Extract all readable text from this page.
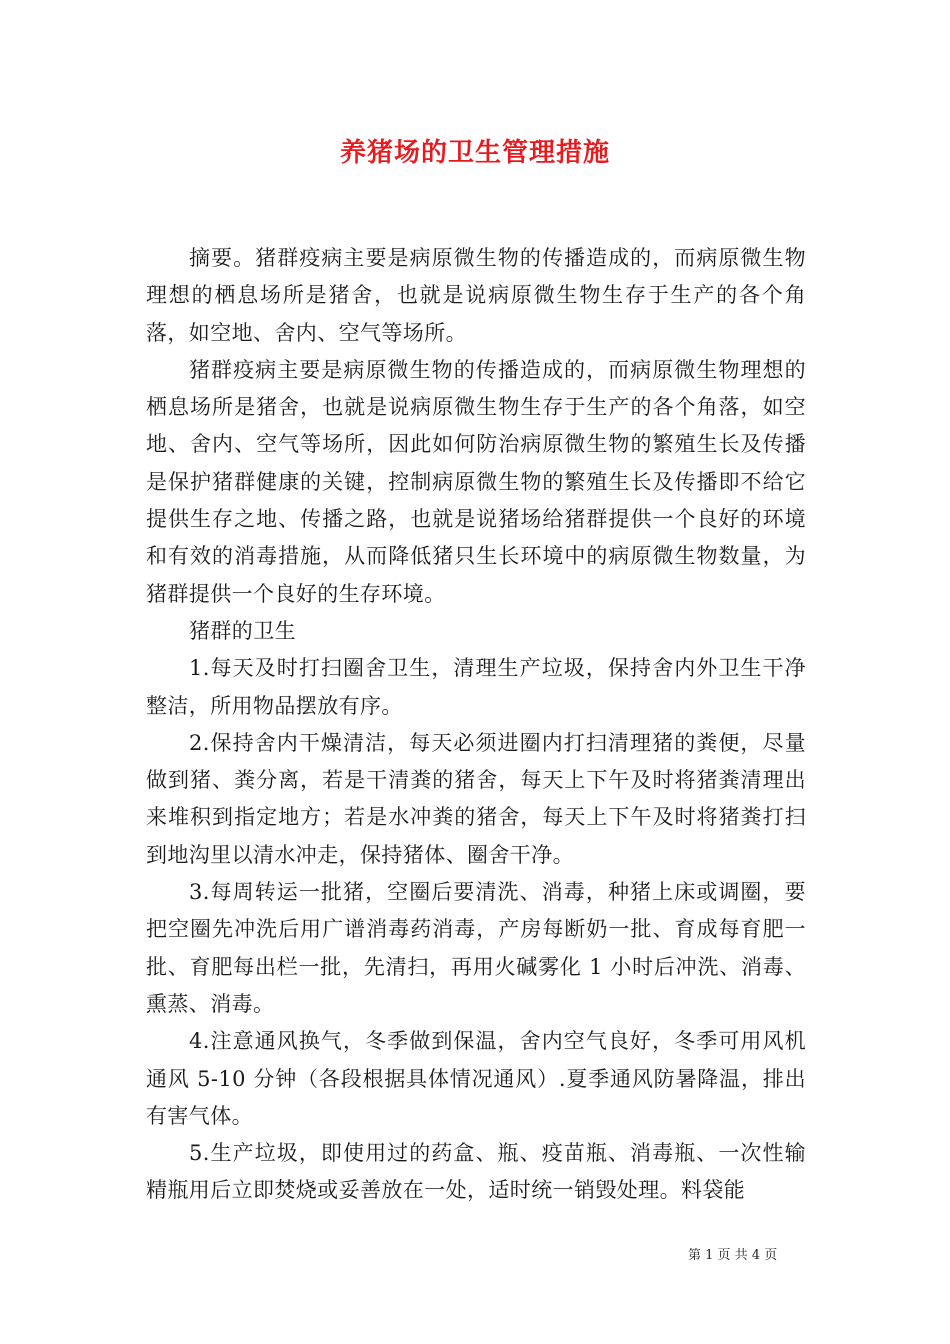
养猪场的卫生管理措施

摘要。猪群疫病主要是病原微生物的传播造成的，而病原微生物理想的栖息场所是猪舍，也就是说病原微生物生存于生产的各个角落，如空地、舍内、空气等场所。

猪群疫病主要是病原微生物的传播造成的，而病原微生物理想的栖息场所是猪舍，也就是说病原微生物生存于生产的各个角落，如空地、舍内、空气等场所，因此如何防治病原微生物的繁殖生长及传播是保护猪群健康的关键，控制病原微生物的繁殖生长及传播即不给它提供生存之地、传播之路，也就是说猪场给猪群提供一个良好的环境和有效的消毒措施，从而降低猪只生长环境中的病原微生物数量，为猪群提供一个良好的生存环境。

猪群的卫生

1.每天及时打扫圈舍卫生，清理生产垃圾，保持舍内外卫生干净整洁，所用物品摆放有序。

2.保持舍内干燥清洁，每天必须进圈内打扫清理猪的粪便，尽量做到猪、粪分离，若是干清粪的猪舍，每天上下午及时将猪粪清理出来堆积到指定地方；若是水冲粪的猪舍，每天上下午及时将猪粪打扫到地沟里以清水冲走，保持猪体、圈舍干净。

3.每周转运一批猪，空圈后要清洗、消毒，种猪上床或调圈，要把空圈先冲洗后用广谱消毒药消毒，产房每断奶一批、育成每育肥一批、育肥每出栏一批，先清扫，再用火碱雾化 1 小时后冲洗、消毒、熏蒸、消毒。

4.注意通风换气，冬季做到保温，舍内空气良好，冬季可用风机通风 5-10 分钟（各段根据具体情况通风）.夏季通风防暑降温，排出有害气体。

5.生产垃圾，即使用过的药盒、瓶、疫苗瓶、消毒瓶、一次性输精瓶用后立即焚烧或妥善放在一处，适时统一销毁处理。料袋能

第 1 页 共 4 页
